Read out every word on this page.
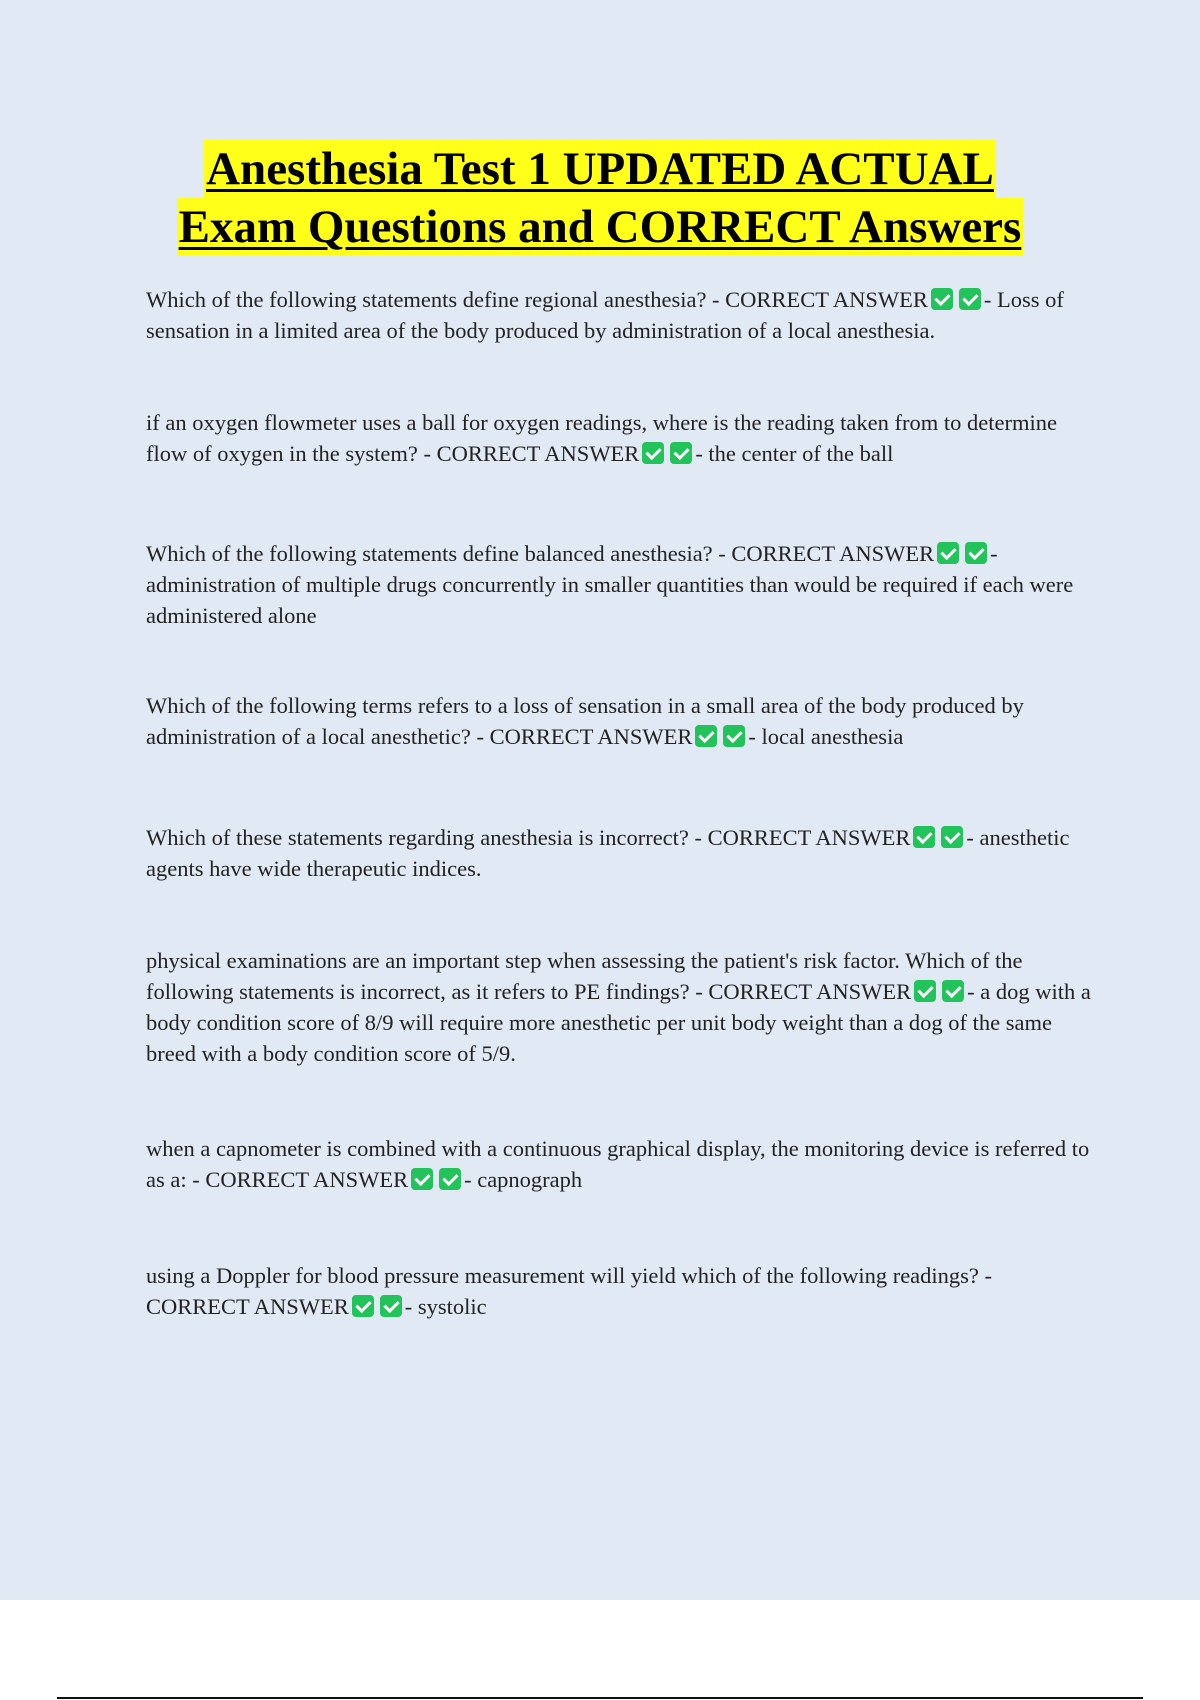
Anesthesia Test 1 UPDATED ACTUAL
Exam Questions and CORRECT Answers
Which of the following statements define regional anesthesia? - CORRECT ANSWER - Loss of sensation in a limited area of the body produced by administration of a local anesthesia.
if an oxygen flowmeter uses a ball for oxygen readings, where is the reading taken from to determine flow of oxygen in the system? - CORRECT ANSWER - the center of the ball
Which of the following statements define balanced anesthesia? - CORRECT ANSWER - administration of multiple drugs concurrently in smaller quantities than would be required if each were administered alone
Which of the following terms refers to a loss of sensation in a small area of the body produced by administration of a local anesthetic? - CORRECT ANSWER - local anesthesia
Which of these statements regarding anesthesia is incorrect? - CORRECT ANSWER - anesthetic agents have wide therapeutic indices.
physical examinations are an important step when assessing the patient's risk factor. Which of the following statements is incorrect, as it refers to PE findings? - CORRECT ANSWER - a dog with a body condition score of 8/9 will require more anesthetic per unit body weight than a dog of the same breed with a body condition score of 5/9.
when a capnometer is combined with a continuous graphical display, the monitoring device is referred to as a: - CORRECT ANSWER - capnograph
using a Doppler for blood pressure measurement will yield which of the following readings? - CORRECT ANSWER - systolic
